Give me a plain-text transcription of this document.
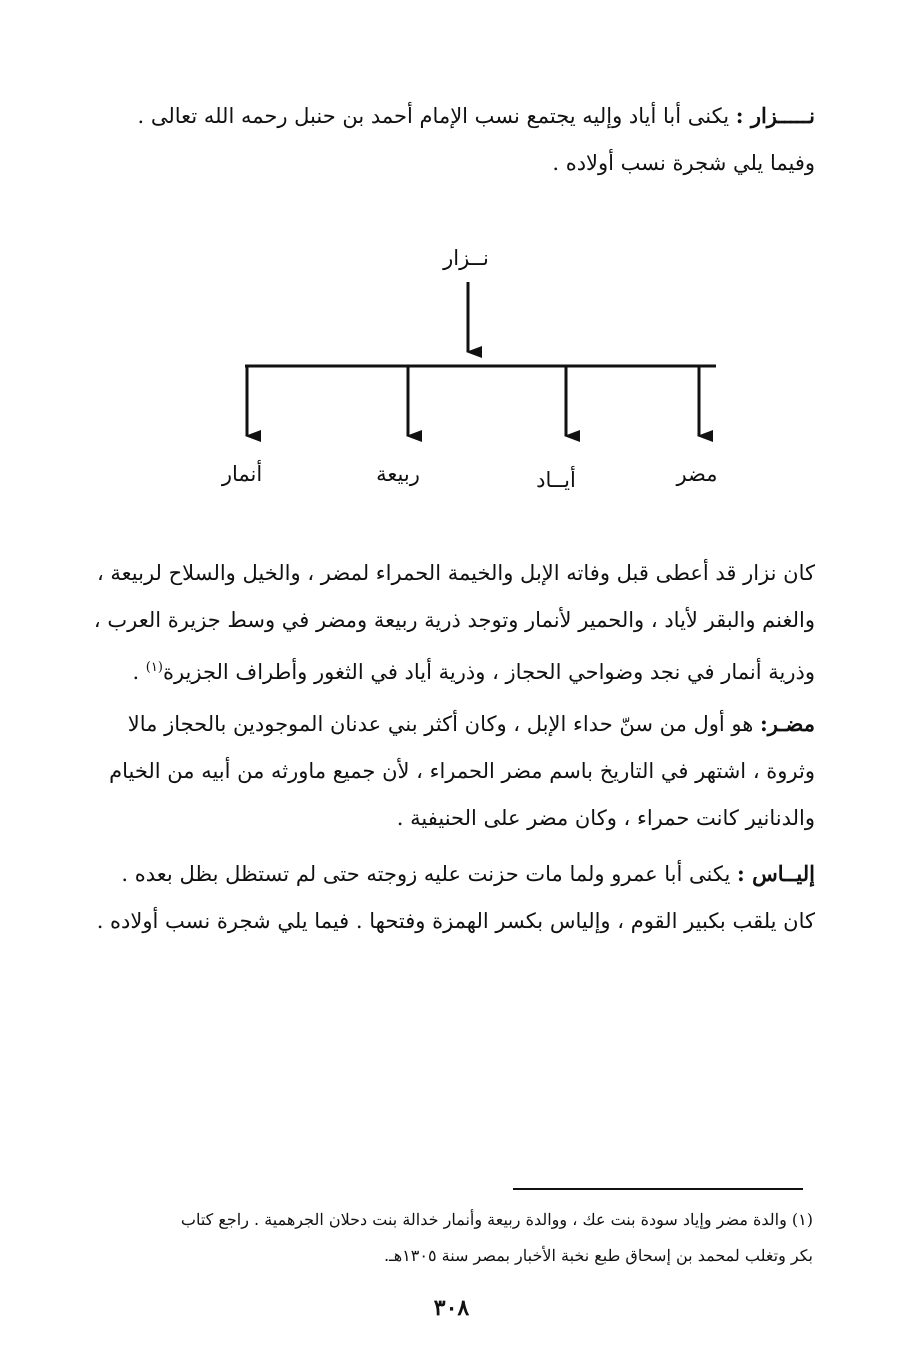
نـــــزار : يكنى أبا أياد وإليه يجتمع نسب الإمام أحمد بن حنبل رحمه الله تعالى .
وفيما يلي شجرة نسب أولاده .
نــزار
مضر
أيــاد
ربيعة
أنمار
كان نزار قد أعطى قبل وفاته الإبل والخيمة الحمراء لمضر ، والخيل والسلاح لربيعة ،
والغنم والبقر لأياد ، والحمير لأنمار وتوجد ذرية ربيعة ومضر في وسط جزيرة العرب ،
وذرية أنمار في نجد وضواحي الحجاز ، وذرية أياد في الثغور وأطراف الجزيرة$^{(١)}$ .
مضـر: هو أول من سنّ حداء الإبل ، وكان أكثر بني عدنان الموجودين بالحجاز مالا
وثروة ، اشتهر في التاريخ باسم مضر الحمراء ، لأن جميع ماورثه من أبيه من الخيام
والدنانير كانت حمراء ، وكان مضر على الحنيفية .
إليــاس : يكنى أبا عمرو ولما مات حزنت عليه زوجته حتى لم تستظل بظل بعده .
كان يلقب بكبير القوم ، وإلياس بكسر الهمزة وفتحها . فيما يلي شجرة نسب أولاده .
(١) والدة مضر وإياد سودة بنت عك ، ووالدة ربيعة وأنمار خدالة بنت دحلان الجرهمية . راجع كتاب
بكر وتغلب لمحمد بن إسحاق طبع نخبة الأخبار بمصر سنة ١٣٠٥هـ.
٣٠٨
